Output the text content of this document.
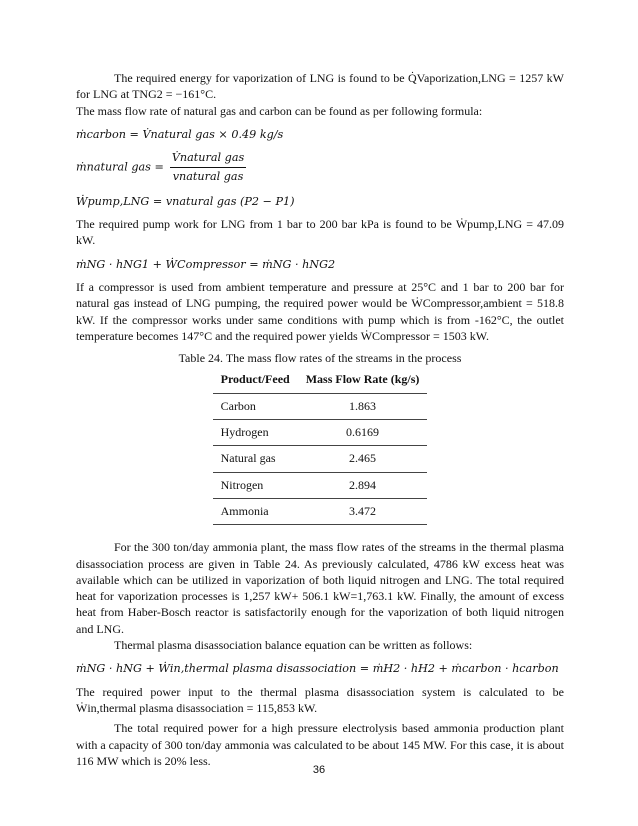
The required energy for vaporization of LNG is found to be Q̇Vaporization,LNG = 1257 kW for LNG at TNG2 = −161°C.

The mass flow rate of natural gas and carbon can be found as per following formula:

ṁcarbon = V̇natural gas × 0.49 kg/s
ṁnatural gas = $\frac{\text{V̇natural gas}}{\text{vnatural gas}}$
Ẇpump,LNG = vnatural gas (P2 − P1)

The required pump work for LNG from 1 bar to 200 bar kPa is found to be Ẇpump,LNG = 47.09 kW.

ṁNG · hNG1 + ẆCompressor = ṁNG · hNG2

If a compressor is used from ambient temperature and pressure at 25°C and 1 bar to 200 bar for natural gas instead of LNG pumping, the required power would be ẆCompressor,ambient = 518.8 kW. If the compressor works under same conditions with pump which is from -162°C, the outlet temperature becomes 147°C and the required power yields ẆCompressor = 1503 kW.

Table 24. The mass flow rates of the streams in the process

Product/Feed	Mass Flow Rate (kg/s)
Carbon	1.863
Hydrogen	0.6169
Natural gas	2.465
Nitrogen	2.894
Ammonia	3.472

For the 300 ton/day ammonia plant, the mass flow rates of the streams in the thermal plasma disassociation process are given in Table 24. As previously calculated, 4786 kW excess heat was available which can be utilized in vaporization of both liquid nitrogen and LNG. The total required heat for vaporization processes is 1,257 kW+ 506.1 kW=1,763.1 kW. Finally, the amount of excess heat from Haber-Bosch reactor is satisfactorily enough for the vaporization of both liquid nitrogen and LNG.

Thermal plasma disassociation balance equation can be written as follows:

ṁNG · hNG + Ẇin,thermal plasma disassociation = ṁH2 · hH2 + ṁcarbon · hcarbon

The required power input to the thermal plasma disassociation system is calculated to be Ẇin,thermal plasma disassociation = 115,853 kW.

The total required power for a high pressure electrolysis based ammonia production plant with a capacity of 300 ton/day ammonia was calculated to be about 145 MW. For this case, it is about 116 MW which is 20% less.

36
